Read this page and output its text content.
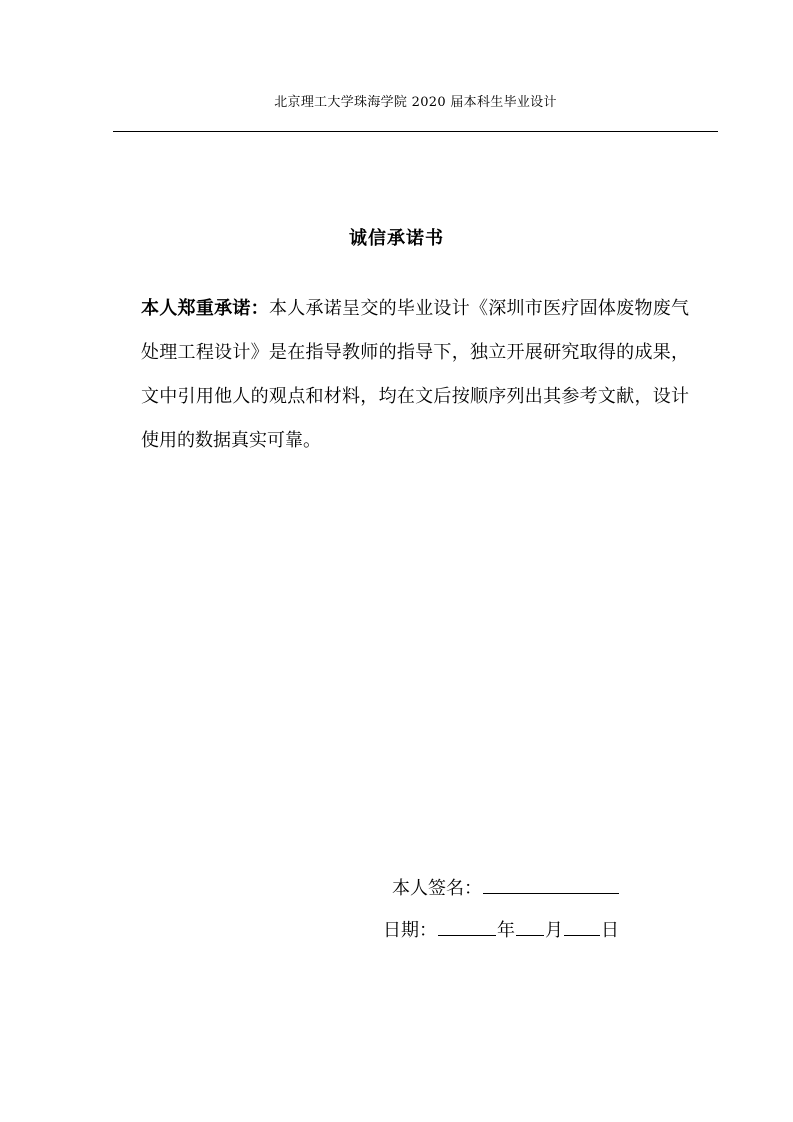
北京理工大学珠海学院 2020 届本科生毕业设计
诚信承诺书

本人郑重承诺：本人承诺呈交的毕业设计《深圳市医疗固体废物废气处理工程设计》是在指导教师的指导下，独立开展研究取得的成果，文中引用他人的观点和材料，均在文后按顺序列出其参考文献，设计使用的数据真实可靠。

本人签名：
日期：	年 月 日
